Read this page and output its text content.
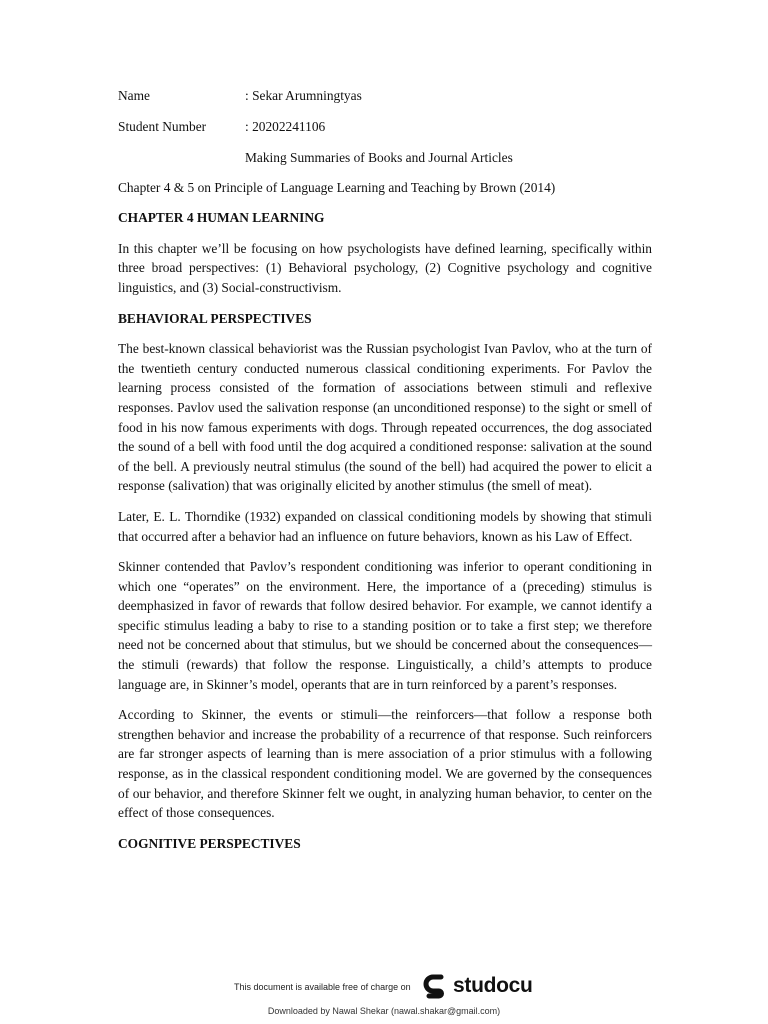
Name	: Sekar Arumningtyas
Student Number	: 20202241106
Making Summaries of Books and Journal Articles
Chapter 4 & 5 on Principle of Language Learning and Teaching by Brown (2014)
CHAPTER 4 HUMAN LEARNING

In this chapter we’ll be focusing on how psychologists have defined learning, specifically within three broad perspectives: (1) Behavioral psychology, (2) Cognitive psychology and cognitive linguistics, and (3) Social-constructivism.

BEHAVIORAL PERSPECTIVES

The best-known classical behaviorist was the Russian psychologist Ivan Pavlov, who at the turn of the twentieth century conducted numerous classical conditioning experiments. For Pavlov the learning process consisted of the formation of associations between stimuli and reflexive responses. Pavlov used the salivation response (an unconditioned response) to the sight or smell of food in his now famous experiments with dogs. Through repeated occurrences, the dog associated the sound of a bell with food until the dog acquired a conditioned response: salivation at the sound of the bell. A previously neutral stimulus (the sound of the bell) had acquired the power to elicit a response (salivation) that was originally elicited by another stimulus (the smell of meat).

Later, E. L. Thorndike (1932) expanded on classical conditioning models by showing that stimuli that occurred after a behavior had an influence on future behaviors, known as his Law of Effect.

Skinner contended that Pavlov’s respondent conditioning was inferior to operant conditioning in which one “operates” on the environment. Here, the importance of a (preceding) stimulus is deemphasized in favor of rewards that follow desired behavior. For example, we cannot identify a specific stimulus leading a baby to rise to a standing position or to take a first step; we therefore need not be concerned about that stimulus, but we should be concerned about the consequences—the stimuli (rewards) that follow the response. Linguistically, a child’s attempts to produce language are, in Skinner’s model, operants that are in turn reinforced by a parent’s responses.

According to Skinner, the events or stimuli—the reinforcers—that follow a response both strengthen behavior and increase the probability of a recurrence of that response. Such reinforcers are far stronger aspects of learning than is mere association of a prior stimulus with a following response, as in the classical respondent conditioning model. We are governed by the consequences of our behavior, and therefore Skinner felt we ought, in analyzing human behavior, to center on the effect of those consequences.

COGNITIVE PERSPECTIVES
This document is available free of charge on studocu
Downloaded by Nawal Shekar (nawal.shakar@gmail.com)
